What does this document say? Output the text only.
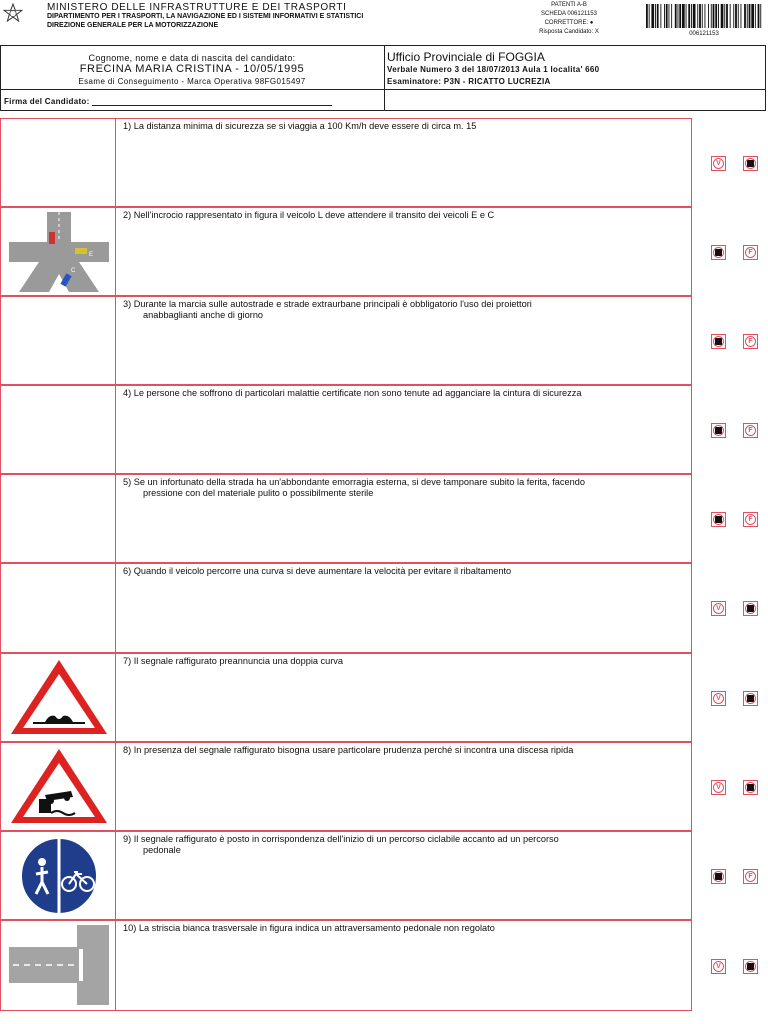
MINISTERO DELLE INFRASTRUTTURE E DEI TRASPORTI
DIPARTIMENTO PER I TRASPORTI, LA NAVIGAZIONE ED I SISTEMI INFORMATIVI E STATISTICI
DIREZIONE GENERALE PER LA MOTORIZZAZIONE
PATENTI A-B
SCHEDA 006121153
CORRETTORE: ●
Risposta Candidato: X	006121153
Cognome, nome e data di nascita del candidato:
FRECINA MARIA CRISTINA - 10/05/1995
Esame di Conseguimento - Marca Operativa 98FG015497
Ufficio Provinciale di FOGGIA
Verbale Numero 3 del 18/07/2013 Aula 1 localita' 660
Esaminatore: P3N - RICATTO LUCREZIA
Firma del Candidato:
1) La distanza minima di sicurezza se si viaggia a 100 Km/h deve essere di circa m. 15
L
E
C
2) Nell'incrocio rappresentato in figura il veicolo L deve attendere il transito dei veicoli E e C
3) Durante la marcia sulle autostrade e strade extraurbane principali è obbligatorio l'uso dei proiettori
anabbaglianti anche di giorno
4) Le persone che soffrono di particolari malattie certificate non sono tenute ad agganciare la cintura di sicurezza
5) Se un infortunato della strada ha un'abbondante emorragia esterna, si deve tamponare subito la ferita, facendo
pressione con del materiale pulito o possibilmente sterile
6) Quando il veicolo percorre una curva si deve aumentare la velocità per evitare il ribaltamento
7) Il segnale raffigurato preannuncia una doppia curva
8) In presenza del segnale raffigurato bisogna usare particolare prudenza perché si incontra una discesa ripida
9) Il segnale raffigurato è posto in corrispondenza dell'inizio di un percorso ciclabile accanto ad un percorso
pedonale
10) La striscia bianca trasversale in figura indica un attraversamento pedonale non regolato
V
F
F
F
F
V
V
V
F
V
